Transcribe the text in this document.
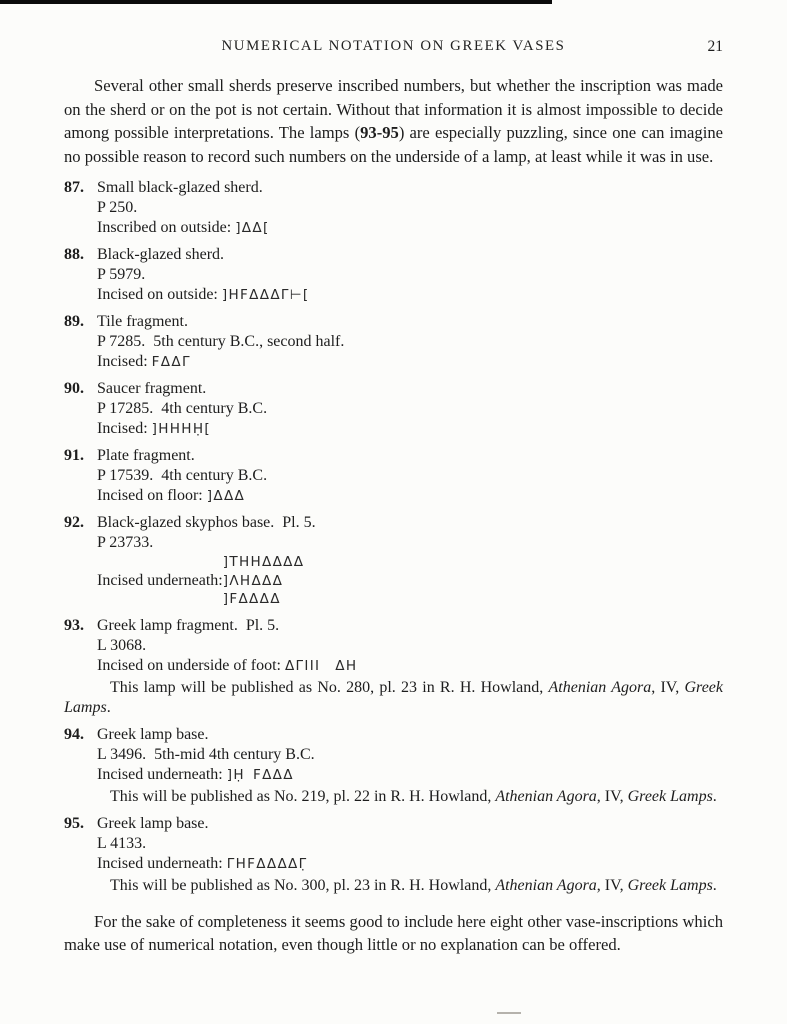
NUMERICAL NOTATION ON GREEK VASES	21

Several other small sherds preserve inscribed numbers, but whether the inscription was made on the sherd or on the pot is not certain. Without that information it is almost impossible to decide among possible interpretations. The lamps (93-95) are especially puzzling, since one can imagine no possible reason to record such numbers on the underside of a lamp, at least while it was in use.

87. Small black-glazed sherd.
P 250.
Inscribed on outside: ]ΔΔ[
88. Black-glazed sherd.
P 5979.
Incised on outside: ]HϜΔΔΔΓ⊢[
89. Tile fragment.
P 7285. 5th century B.C., second half.
Incised: ϜΔΔΓ
90. Saucer fragment.
P 17285. 4th century B.C.
Incised: ]HHHḤ[
91. Plate fragment.
P 17539. 4th century B.C.
Incised on floor: ]ΔΔΔ
92. Black-glazed skyphos base. Pl. 5.
P 23733.
Incised underneath:
]THHΔΔΔΔ
]ΛHΔΔΔ
]ϜΔΔΔΔ
93. Greek lamp fragment. Pl. 5.
L 3068.
Incised on underside of foot: ΔΓIII ΔH

This lamp will be published as No. 280, pl. 23 in R. H. Howland, Athenian Agora, IV, Greek Lamps.

94. Greek lamp base.
L 3496. 5th-mid 4th century B.C.
Incised underneath: ]Ḥ ϜΔΔΔ

This will be published as No. 219, pl. 22 in R. H. Howland, Athenian Agora, IV, Greek Lamps.

95. Greek lamp base.
L 4133.
Incised underneath: ΓHϜΔΔΔΔΓ̣

This will be published as No. 300, pl. 23 in R. H. Howland, Athenian Agora, IV, Greek Lamps.

For the sake of completeness it seems good to include here eight other vase-inscriptions which make use of numerical notation, even though little or no explanation can be offered.
